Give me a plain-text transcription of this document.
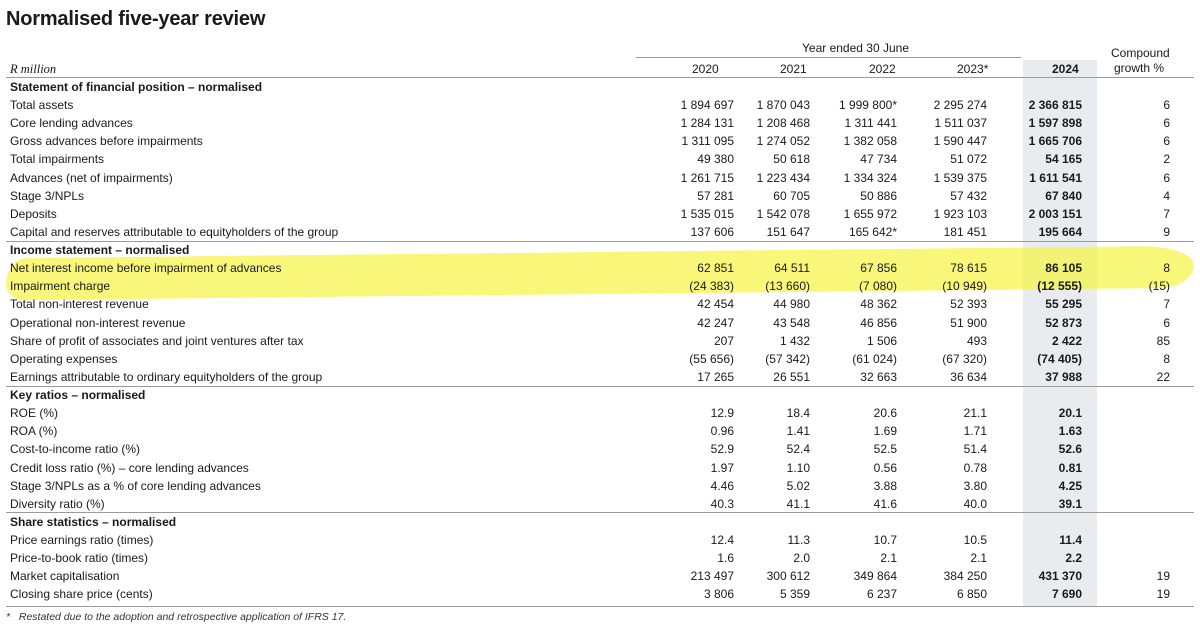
Normalised five-year review
Year ended 30 June	Compound
growth %
R million	2020	2021	2022	2023*	2024
Statement of financial position – normalised
Total assets	1 894 697	1 870 043	1 999 800*	2 295 274	2 366 815	6
Core lending advances	1 284 131	1 208 468	1 311 441	1 511 037	1 597 898	6
Gross advances before impairments	1 311 095	1 274 052	1 382 058	1 590 447	1 665 706	6
Total impairments	49 380	50 618	47 734	51 072	54 165	2
Advances (net of impairments)	1 261 715	1 223 434	1 334 324	1 539 375	1 611 541	6
Stage 3/NPLs	57 281	60 705	50 886	57 432	67 840	4
Deposits	1 535 015	1 542 078	1 655 972	1 923 103	2 003 151	7
Capital and reserves attributable to equityholders of the group	137 606	151 647	165 642*	181 451	195 664	9
Income statement – normalised
Net interest income before impairment of advances	62 851	64 511	67 856	78 615	86 105	8
Impairment charge	(24 383)	(13 660)	(7 080)	(10 949)	(12 555)	(15)
Total non-interest revenue	42 454	44 980	48 362	52 393	55 295	7
Operational non-interest revenue	42 247	43 548	46 856	51 900	52 873	6
Share of profit of associates and joint ventures after tax	207	1 432	1 506	493	2 422	85
Operating expenses	(55 656)	(57 342)	(61 024)	(67 320)	(74 405)	8
Earnings attributable to ordinary equityholders of the group	17 265	26 551	32 663	36 634	37 988	22
Key ratios – normalised
ROE (%)	12.9	18.4	20.6	21.1	20.1
ROA (%)	0.96	1.41	1.69	1.71	1.63
Cost-to-income ratio (%)	52.9	52.4	52.5	51.4	52.6
Credit loss ratio (%) – core lending advances	1.97	1.10	0.56	0.78	0.81
Stage 3/NPLs as a % of core lending advances	4.46	5.02	3.88	3.80	4.25
Diversity ratio (%)	40.3	41.1	41.6	40.0	39.1
Share statistics – normalised
Price earnings ratio (times)	12.4	11.3	10.7	10.5	11.4
Price-to-book ratio (times)	1.6	2.0	2.1	2.1	2.2
Market capitalisation	213 497	300 612	349 864	384 250	431 370	19
Closing share price (cents)	3 806	5 359	6 237	6 850	7 690	19
* Restated due to the adoption and retrospective application of IFRS 17.
